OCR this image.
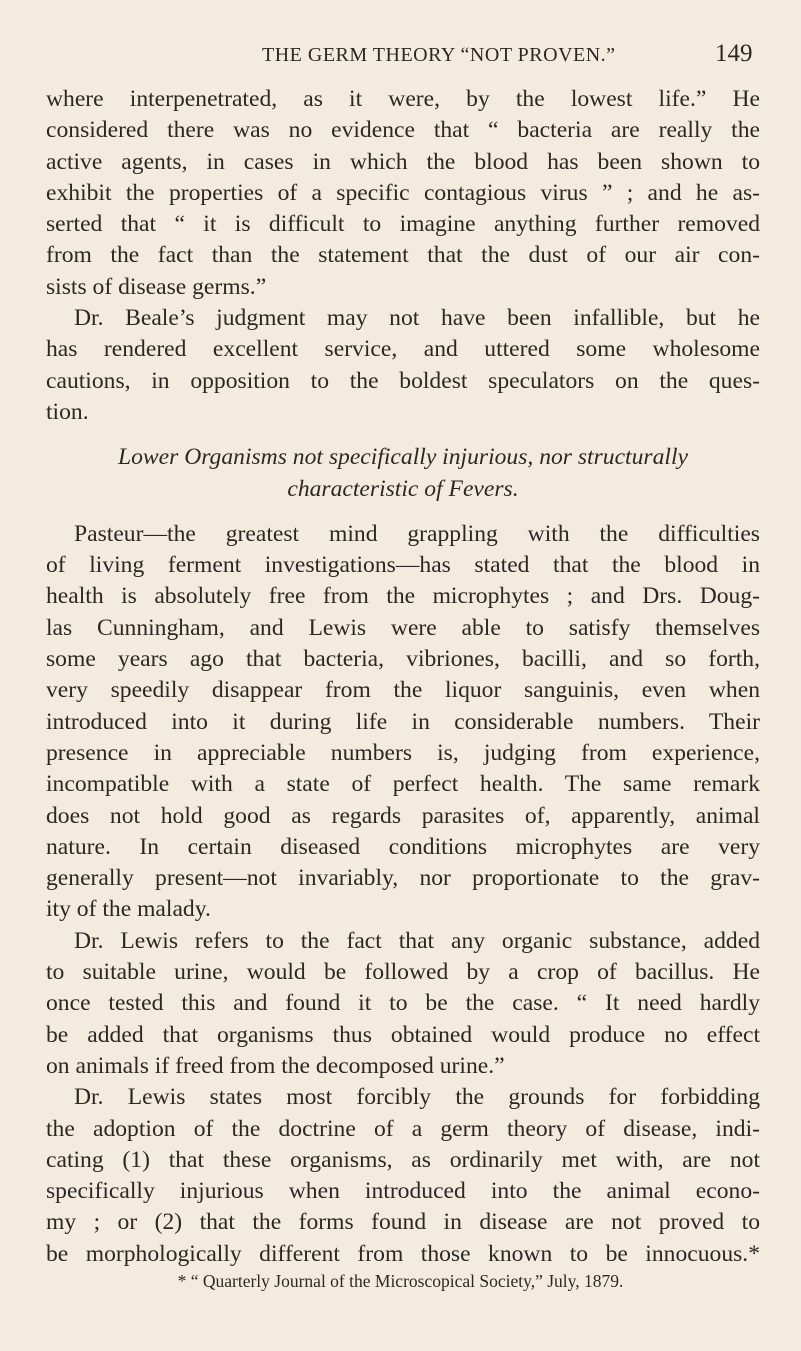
THE GERM THEORY “NOT PROVEN.”	149
where interpenetrated, as it were, by the lowest life.” He
considered there was no evidence that “ bacteria are really the
active agents, in cases in which the blood has been shown to
exhibit the properties of a specific contagious virus ” ; and he as-
serted that “ it is difficult to imagine anything further removed
from the fact than the statement that the dust of our air con-
sists of disease germs.”
Dr. Beale’s judgment may not have been infallible, but he
has rendered excellent service, and uttered some wholesome
cautions, in opposition to the boldest speculators on the ques-
tion.
Lower Organisms not specifically injurious, nor structurally
characteristic of Fevers.
Pasteur—the greatest mind grappling with the difficulties
of living ferment investigations—has stated that the blood in
health is absolutely free from the microphytes ; and Drs. Doug-
las Cunningham, and Lewis were able to satisfy themselves
some years ago that bacteria, vibriones, bacilli, and so forth,
very speedily disappear from the liquor sanguinis, even when
introduced into it during life in considerable numbers. Their
presence in appreciable numbers is, judging from experience,
incompatible with a state of perfect health. The same remark
does not hold good as regards parasites of, apparently, animal
nature. In certain diseased conditions microphytes are very
generally present—not invariably, nor proportionate to the grav-
ity of the malady.
Dr. Lewis refers to the fact that any organic substance, added
to suitable urine, would be followed by a crop of bacillus. He
once tested this and found it to be the case. “ It need hardly
be added that organisms thus obtained would produce no effect
on animals if freed from the decomposed urine.”
Dr. Lewis states most forcibly the grounds for forbidding
the adoption of the doctrine of a germ theory of disease, indi-
cating (1) that these organisms, as ordinarily met with, are not
specifically injurious when introduced into the animal econo-
my ; or (2) that the forms found in disease are not proved to
be morphologically different from those known to be innocuous.*
* “ Quarterly Journal of the Microscopical Society,” July, 1879.
